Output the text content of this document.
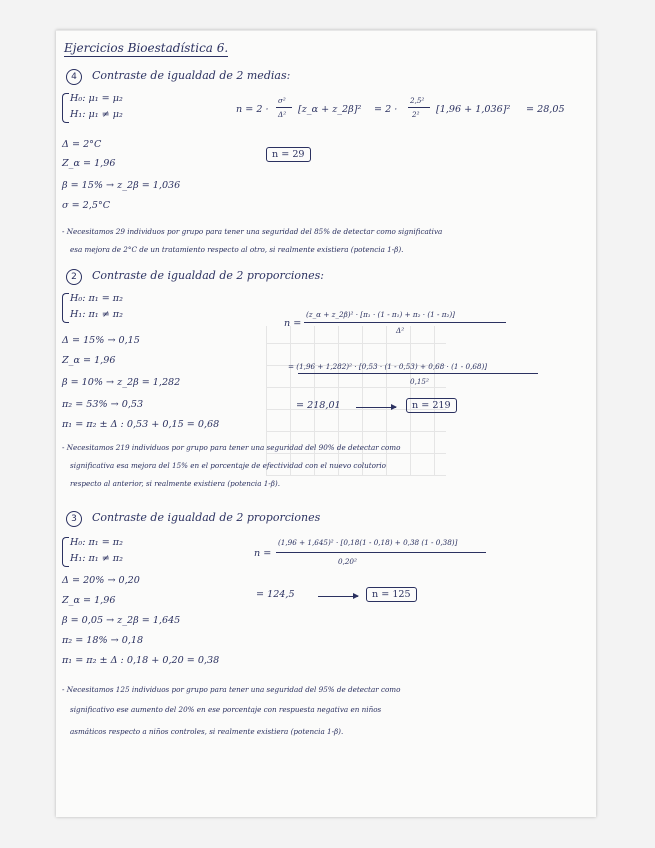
Ejercicios Bioestadística 6.
4	Contraste de igualdad de 2 medias:
H₀: μ₁ = μ₂
H₁: μ₁ ≠ μ₂	n = 2 ·
σ²
Δ² [z_α + z_2β]² = 2 ·
2,5²
2² [1,96 + 1,036]² = 28,05
n = 29
Δ = 2°C
Z_α = 1,96
β = 15% → z_2β = 1,036
σ = 2,5°C
- Necesitamos 29 individuos por grupo para tener una seguridad del 85% de detectar como significativa
esa mejora de 2°C de un tratamiento respecto al otro, si realmente existiera (potencia 1-β).
2	Contraste de igualdad de 2 proporciones:
H₀: π₁ = π₂
H₁: π₁ ≠ π₂
Δ = 15% → 0,15
Z_α = 1,96
β = 10% → z_2β = 1,282
π₂ = 53% → 0,53
π₁ = π₂ ± Δ : 0,53 + 0,15 = 0,68
n =
(z_α + z_2β)² · [π₁ · (1 - π₁) + π₂ · (1 - π₂)]
Δ²
= (1,96 + 1,282)² · [0,53 · (1 - 0,53) + 0,68 · (1 - 0,68)]
0,15²
= 218,01	n = 219
- Necesitamos 219 individuos por grupo para tener una seguridad del 90% de detectar como
significativa esa mejora del 15% en el porcentaje de efectividad con el nuevo colutorio
respecto al anterior, si realmente existiera (potencia 1-β).
3	Contraste de igualdad de 2 proporciones
H₀: π₁ = π₂
H₁: π₁ ≠ π₂
Δ = 20% → 0,20
Z_α = 1,96
β = 0,05 → z_2β = 1,645
π₂ = 18% → 0,18
π₁ = π₂ ± Δ : 0,18 + 0,20 = 0,38
n =
(1,96 + 1,645)² · [0,18(1 - 0,18) + 0,38 (1 - 0,38)]
0,20²
= 124,5	n = 125
- Necesitamos 125 individuos por grupo para tener una seguridad del 95% de detectar como
significativo ese aumento del 20% en ese porcentaje con respuesta negativa en niños
asmáticos respecto a niños controles, si realmente existiera (potencia 1-β).
